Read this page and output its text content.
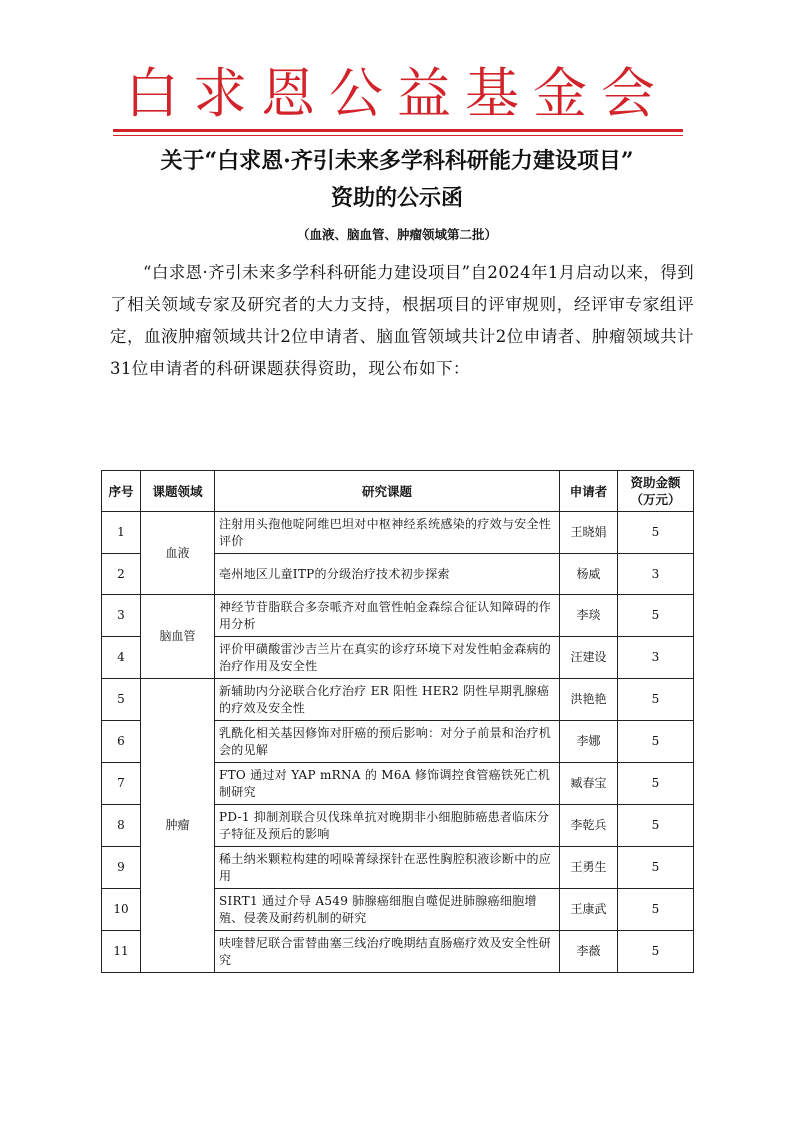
白求恩公益基金会
关于“白求恩·齐引未来多学科科研能力建设项目”
资助的公示函
（血液、脑血管、肿瘤领域第二批）
“白求恩·齐引未来多学科科研能力建设项目”自2024年1月启动以来，得到了相关领域专家及研究者的大力支持，根据项目的评审规则，经评审专家组评定，血液肿瘤领域共计2位申请者、脑血管领域共计2位申请者、肿瘤领域共计31位申请者的科研课题获得资助，现公布如下：
序号	课题领域	研究课题	申请者	资助金额
（万元）
1	血液	注射用头孢他啶阿维巴坦对中枢神经系统感染的疗效与安全性评价	王晓娟	5
2		亳州地区儿童ITP的分级治疗技术初步探索	杨威	3
3	脑血管	神经节苷脂联合多奈哌齐对血管性帕金森综合征认知障碍的作用分析	李琰	5
4		评价甲磺酸雷沙吉兰片在真实的诊疗环境下对发性帕金森病的治疗作用及安全性	汪建设	3
5	肿瘤	新辅助内分泌联合化疗治疗 ER 阳性 HER2 阴性早期乳腺癌的疗效及安全性	洪艳艳	5
6		乳酰化相关基因修饰对肝癌的预后影响：对分子前景和治疗机会的见解	李娜	5
7		FTO 通过对 YAP mRNA 的 M6A 修饰调控食管癌铁死亡机制研究	臧春宝	5
8		PD-1 抑制剂联合贝伐珠单抗对晚期非小细胞肺癌患者临床分子特征及预后的影响	李乾兵	5
9		稀土纳米颗粒构建的吲哚菁绿探针在恶性胸腔积液诊断中的应用	王勇生	5
10		SIRT1 通过介导 A549 肺腺癌细胞自噬促进肺腺癌细胞增殖、侵袭及耐药机制的研究	王康武	5
11		呋喹替尼联合雷替曲塞三线治疗晚期结直肠癌疗效及安全性研究	李薇	5
